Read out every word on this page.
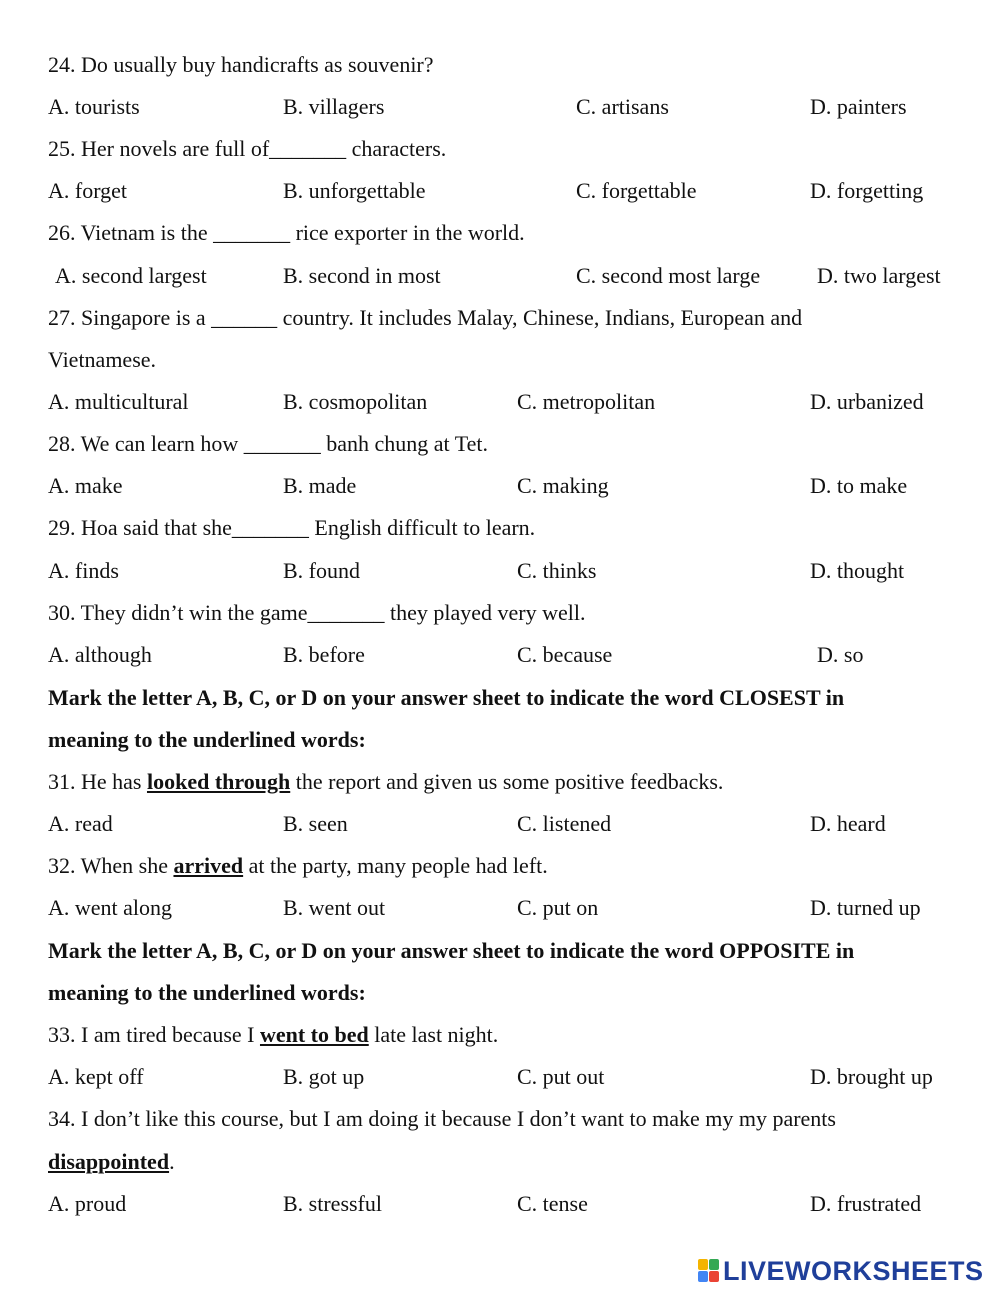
24. Do usually buy handicrafts as souvenir?
A. tourists	B. villagers	C. artisans	D. painters
25. Her novels are full of_______ characters.
A. forget	B. unforgettable	C. forgettable	D. forgetting
26. Vietnam is the _______ rice exporter in the world.
A. second largest	B. second in most	C. second most large	D. two largest
27. Singapore is a ______ country. It includes Malay, Chinese, Indians, European and
Vietnamese.
A. multicultural	B. cosmopolitan	C. metropolitan	D. urbanized
28. We can learn how _______ banh chung at Tet.
A. make	B. made	C. making	D. to make
29. Hoa said that she_______ English difficult to learn.
A. finds	B. found	C. thinks	D. thought
30. They didn’t win the game_______ they played very well.
A. although	B. before	C. because	D. so
Mark the letter A, B, C, or D on your answer sheet to indicate the word CLOSEST in
meaning to the underlined words:
31. He has looked through the report and given us some positive feedbacks.
A. read	B. seen	C. listened	D. heard
32. When she arrived at the party, many people had left.
A. went along	B. went out	C. put on	D. turned up
Mark the letter A, B, C, or D on your answer sheet to indicate the word OPPOSITE in
meaning to the underlined words:
33. I am tired because I went to bed late last night.
A. kept off	B. got up	C. put out	D. brought up
34. I don’t like this course, but I am doing it because I don’t want to make my my parents
disappointed.
A. proud	B. stressful	C. tense	D. frustrated
LIVEWORKSHEETS
